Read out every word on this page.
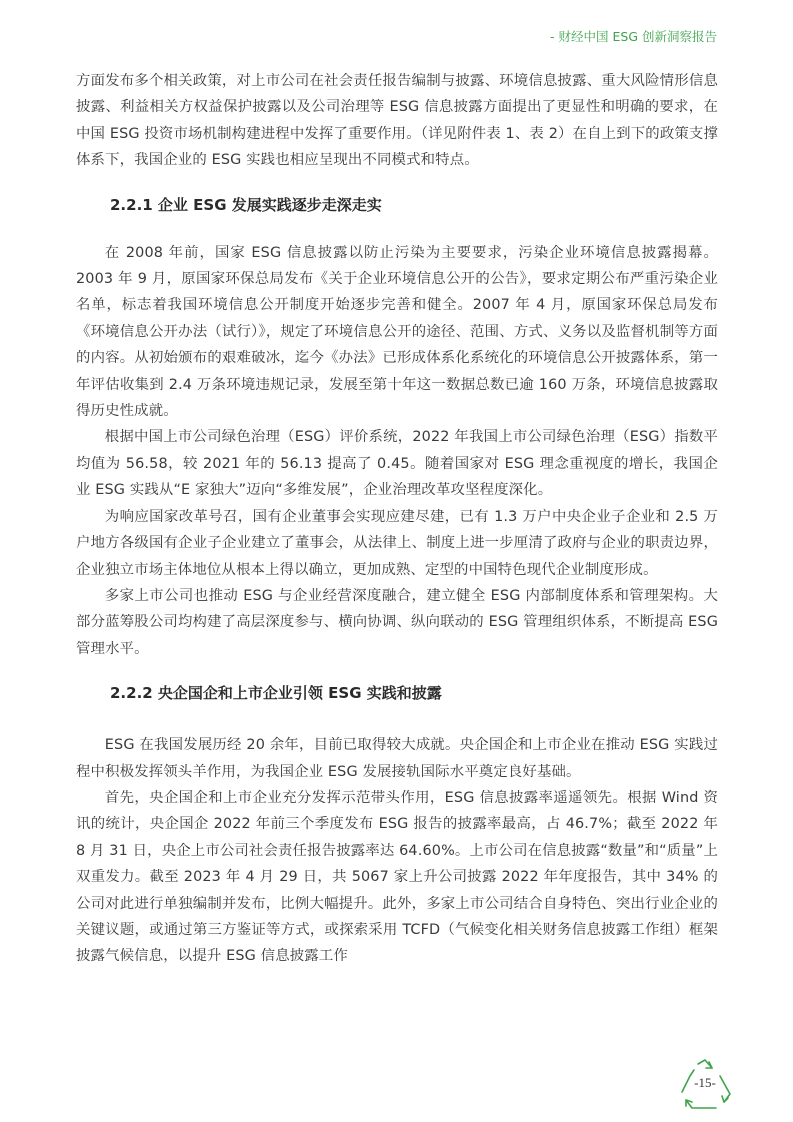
- 财经中国 ESG 创新洞察报告

方面发布多个相关政策，对上市公司在社会责任报告编制与披露、环境信息披露、重大风险情形信息披露、利益相关方权益保护披露以及公司治理等 ESG 信息披露方面提出了更显性和明确的要求，在中国 ESG 投资市场机制构建进程中发挥了重要作用。（详见附件表 1、表 2）在自上到下的政策支撑体系下，我国企业的 ESG 实践也相应呈现出不同模式和特点。

2.2.1 企业 ESG 发展实践逐步走深走实

在 2008 年前，国家 ESG 信息披露以防止污染为主要要求，污染企业环境信息披露揭幕。2003 年 9 月，原国家环保总局发布《关于企业环境信息公开的公告》，要求定期公布严重污染企业名单，标志着我国环境信息公开制度开始逐步完善和健全。2007 年 4 月，原国家环保总局发布《环境信息公开办法（试行）》，规定了环境信息公开的途径、范围、方式、义务以及监督机制等方面的内容。从初始颁布的艰难破冰，迄今《办法》已形成体系化系统化的环境信息公开披露体系，第一年评估收集到 2.4 万条环境违规记录，发展至第十年这一数据总数已逾 160 万条，环境信息披露取得历史性成就。

根据中国上市公司绿色治理（ESG）评价系统，2022 年我国上市公司绿色治理（ESG）指数平均值为 56.58，较 2021 年的 56.13 提高了 0.45。随着国家对 ESG 理念重视度的增长，我国企业 ESG 实践从“E 家独大”迈向“多维发展”，企业治理改革攻坚程度深化。

为响应国家改革号召，国有企业董事会实现应建尽建，已有 1.3 万户中央企业子企业和 2.5 万户地方各级国有企业子企业建立了董事会，从法律上、制度上进一步厘清了政府与企业的职责边界，企业独立市场主体地位从根本上得以确立，更加成熟、定型的中国特色现代企业制度形成。

多家上市公司也推动 ESG 与企业经营深度融合，建立健全 ESG 内部制度体系和管理架构。大部分蓝筹股公司均构建了高层深度参与、横向协调、纵向联动的 ESG 管理组织体系，不断提高 ESG 管理水平。

2.2.2 央企国企和上市企业引领 ESG 实践和披露

ESG 在我国发展历经 20 余年，目前已取得较大成就。央企国企和上市企业在推动 ESG 实践过程中积极发挥领头羊作用，为我国企业 ESG 发展接轨国际水平奠定良好基础。

首先，央企国企和上市企业充分发挥示范带头作用，ESG 信息披露率遥遥领先。根据 Wind 资讯的统计，央企国企 2022 年前三个季度发布 ESG 报告的披露率最高，占 46.7%；截至 2022 年 8 月 31 日，央企上市公司社会责任报告披露率达 64.60%。上市公司在信息披露“数量”和“质量”上双重发力。截至 2023 年 4 月 29 日，共 5067 家上升公司披露 2022 年年度报告，其中 34% 的公司对此进行单独编制并发布，比例大幅提升。此外，多家上市公司结合自身特色、突出行业企业的关键议题，或通过第三方鉴证等方式，或探索采用 TCFD（气候变化相关财务信息披露工作组）框架披露气候信息，以提升 ESG 信息披露工作

-15-
